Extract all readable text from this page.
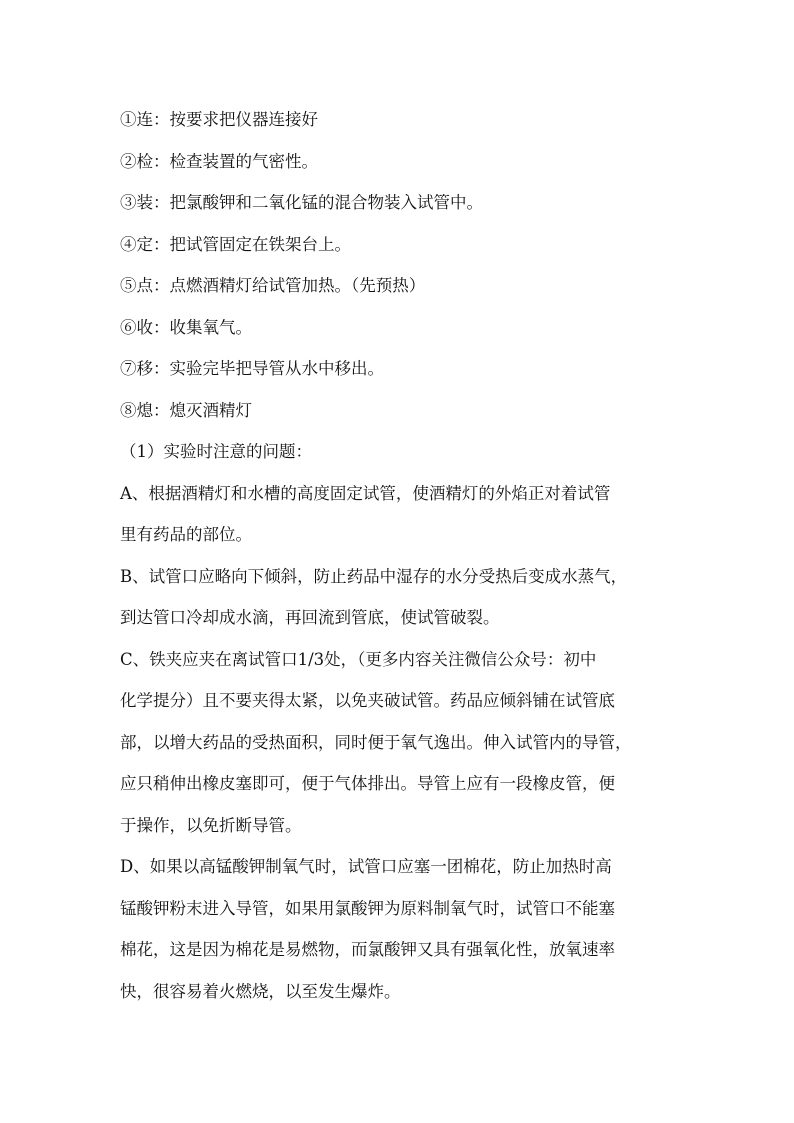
①连：按要求把仪器连接好
②检：检查装置的气密性。
③装：把氯酸钾和二氧化锰的混合物装入试管中。
④定：把试管固定在铁架台上。
⑤点：点燃酒精灯给试管加热。（先预热）
⑥收：收集氧气。
⑦移：实验完毕把导管从水中移出。
⑧熄：熄灭酒精灯
（1）实验时注意的问题：
A、根据酒精灯和水槽的高度固定试管，使酒精灯的外焰正对着试管
里有药品的部位。
B、试管口应略向下倾斜，防止药品中湿存的水分受热后变成水蒸气，
到达管口冷却成水滴，再回流到管底，使试管破裂。
C、铁夹应夹在离试管口1/3处，（更多内容关注微信公众号：初中
化学提分）且不要夹得太紧，以免夹破试管。药品应倾斜铺在试管底
部，以增大药品的受热面积，同时便于氧气逸出。伸入试管内的导管，
应只稍伸出橡皮塞即可，便于气体排出。导管上应有一段橡皮管，便
于操作，以免折断导管。
D、如果以高锰酸钾制氧气时，试管口应塞一团棉花，防止加热时高
锰酸钾粉末进入导管，如果用氯酸钾为原料制氧气时，试管口不能塞
棉花，这是因为棉花是易燃物，而氯酸钾又具有强氧化性，放氧速率
快，很容易着火燃烧，以至发生爆炸。
